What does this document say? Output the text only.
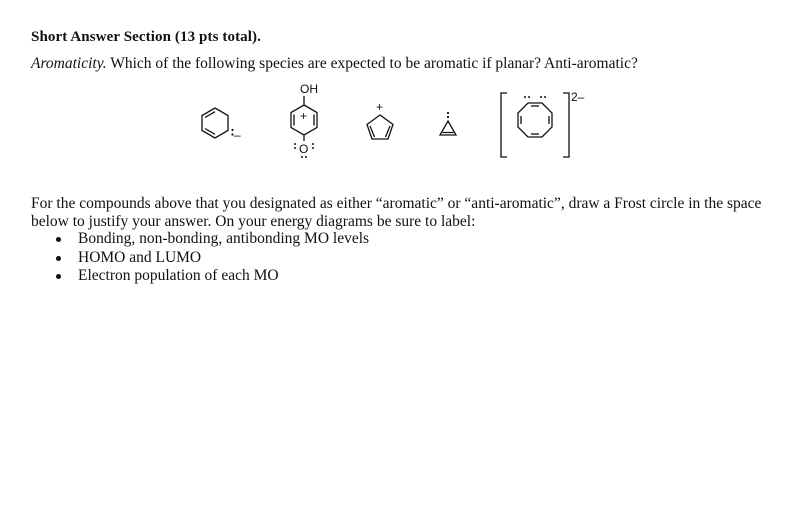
Short Answer Section (13 pts total).
Aromaticity. Which of the following species are expected to be aromatic if planar? Anti-aromatic?
–
OH
+
O
+
2–
For the compounds above that you designated as either “aromatic” or “anti-aromatic”, draw a Frost circle in the space below to justify your answer. On your energy diagrams be sure to label:
Bonding, non-bonding, antibonding MO levels
HOMO and LUMO
Electron population of each MO
